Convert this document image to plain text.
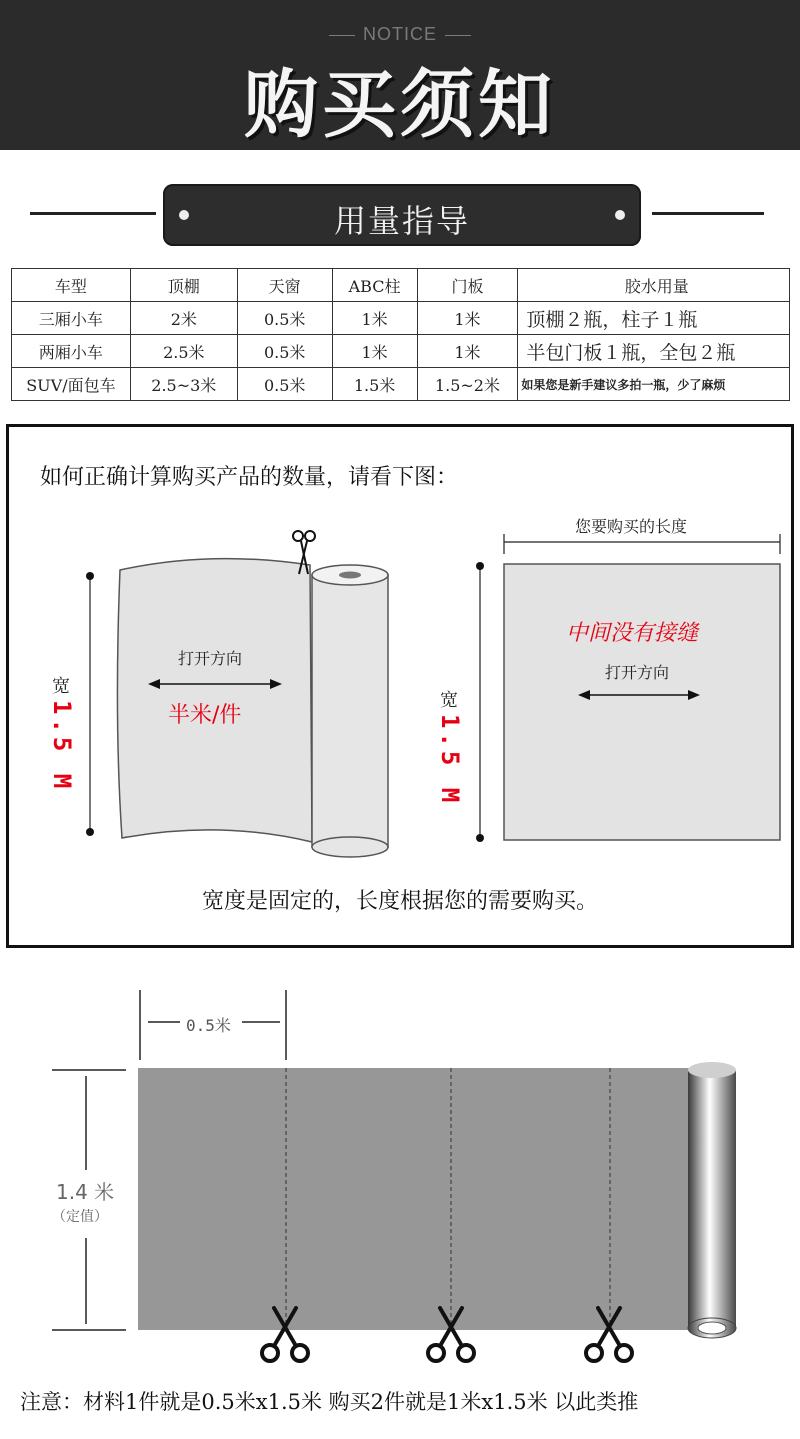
NOTICE
购买须知
用量指导
车型	顶棚	天窗	ABC柱	门板	胶水用量
三厢小车	2米	0.5米	1米	1米	顶棚２瓶，柱子１瓶
两厢小车	2.5米	0.5米	1米	1米	半包门板１瓶，全包２瓶
SUV/面包车	2.5~3米	0.5米	1.5米	1.5~2米	如果您是新手建议多拍一瓶，少了麻烦
如何正确计算购买产品的数量，请看下图：
打开方向
半米/件
宽
1.5 M
您要购买的长度
中间没有接缝
打开方向
宽
1.5 M
宽度是固定的，长度根据您的需要购买。
0.5米
1.4 米
（定值）
注意：材料1件就是0.5米x1.5米 购买2件就是1米x1.5米 以此类推
